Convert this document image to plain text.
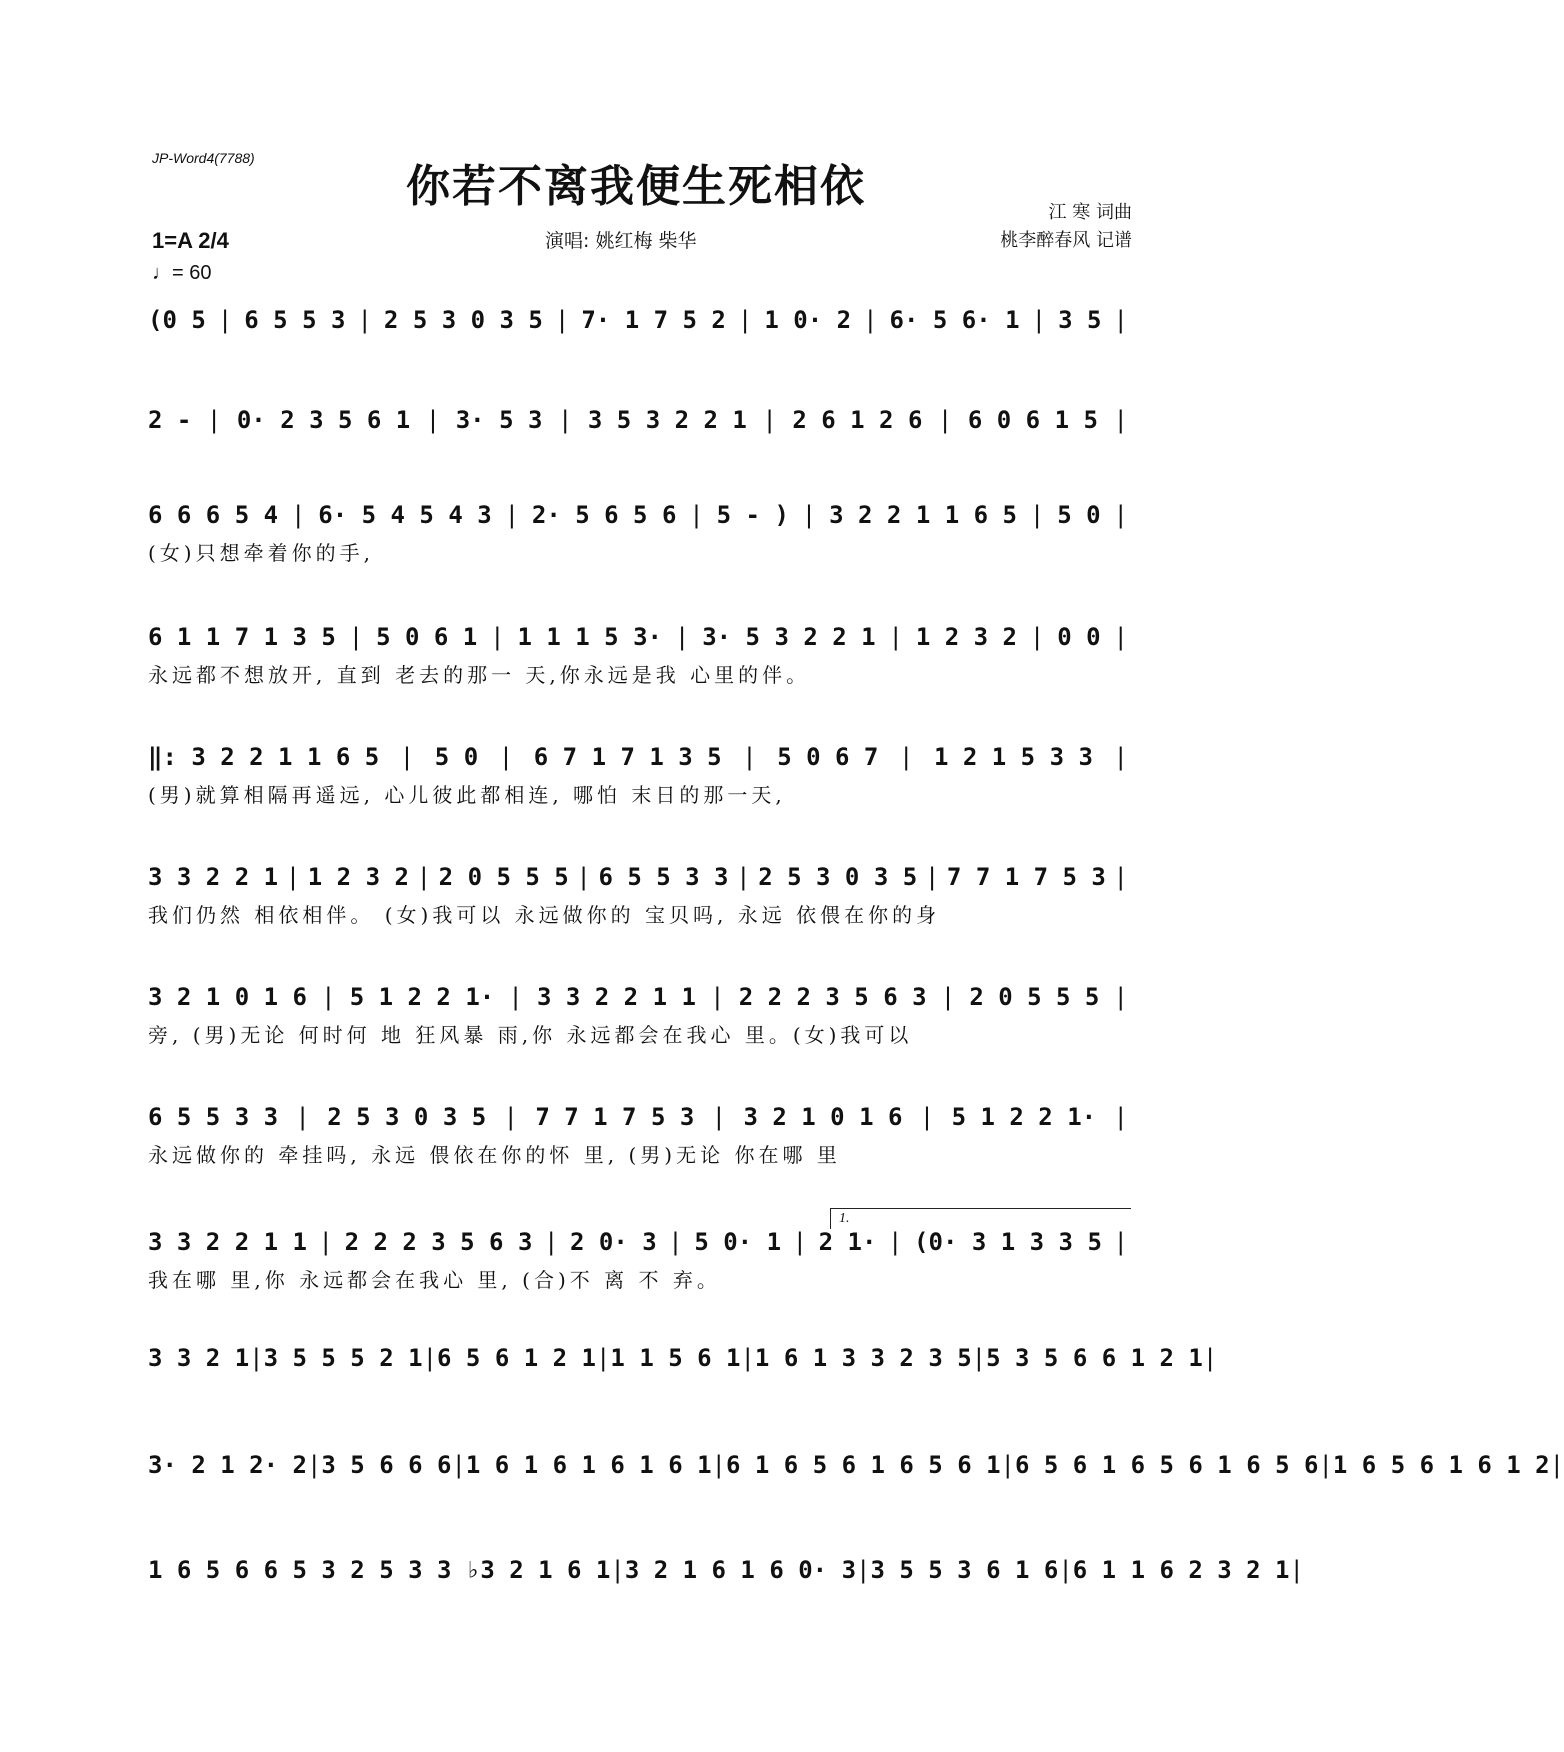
JP-Word4(7788)
你若不离我便生死相依
1=A 2/4
♩= 60
演唱: 姚红梅 柴华
江 寒 词曲
桃李醉春风 记谱
(0 5 | 6 5 5 3 | 2 5 3 0 3 5 | 7· 1 7 5 2 | 1 0· 2 | 6· 5 6· 1 | 3 5 |
2 - | 0· 2 3 5 6 1 | 3· 5 3 | 3 5 3 2 2 1 | 2 6 1 2 6 | 6 0 6 1 5 |
6 6 6 5 4 | 6· 5 4 5 4 3 | 2· 5 6 5 6 | 5 - ) | 3 2 2 1 1 6 5 | 5 0 |
(女)只想牵着你的手,
6 1 1 7 1 3 5 | 5 0 6 1 | 1 1 1 5 3· | 3· 5 3 2 2 1 | 1 2 3 2 | 0 0 |
永远都不想放开, 直到 老去的那一 天,你永远是我 心里的伴。
‖: 3 2 2 1 1 6 5 | 5 0 | 6 7 1 7 1 3 5 | 5 0 6 7 | 1 2 1 5 3 3 |
(男)就算相隔再遥远, 心儿彼此都相连, 哪怕 末日的那一天,
3 3 2 2 1 | 1 2 3 2 | 2 0 5 5 5 | 6 5 5 3 3 | 2 5 3 0 3 5 | 7 7 1 7 5 3 |
我们仍然 相依相伴。 (女)我可以 永远做你的 宝贝吗, 永远 依偎在你的身
3 2 1 0 1 6 | 5 1 2 2 1· | 3 3 2 2 1 1 | 2 2 2 3 5 6 3 | 2 0 5 5 5 |
旁, (男)无论 何时何 地 狂风暴 雨,你 永远都会在我心 里。(女)我可以
6 5 5 3 3 | 2 5 3 0 3 5 | 7 7 1 7 5 3 | 3 2 1 0 1 6 | 5 1 2 2 1· |
永远做你的 牵挂吗, 永远 偎依在你的怀 里, (男)无论 你在哪 里
3 3 2 2 1 1 | 2 2 2 3 5 6 3 | 2 0· 3 | 5 0· 1 | 2 1· | (0· 3 1 3 3 5 |
我在哪 里,你 永远都会在我心 里, (合)不 离 不 弃。
3 3 2 1 | 3 5 5 5 2 1 | 6 5 6 1 2 1 | 1 1 5 6 1 | 1 6 1 3 3 2 3 5 | 5 3 5 6 6 1 2 1 |
3· 2 1 2· 2 | 3 5 6 6 6 | 1 6 1 6 1 6 1 6 1 | 6 1 6 5 6 1 6 5 6 1 | 6 5 6 1 6 5 6 1 6 5 6 | 1 6 5 6 1 6 1 2 |
1 6 5 6 6 5 3 2 5 3 3 ♭3 2 1 6 1 | 3 2 1 6 1 6 0· 3 | 3 5 5 3 6 1 6 | 6 1 1 6 2 3 2 1 |
1.
